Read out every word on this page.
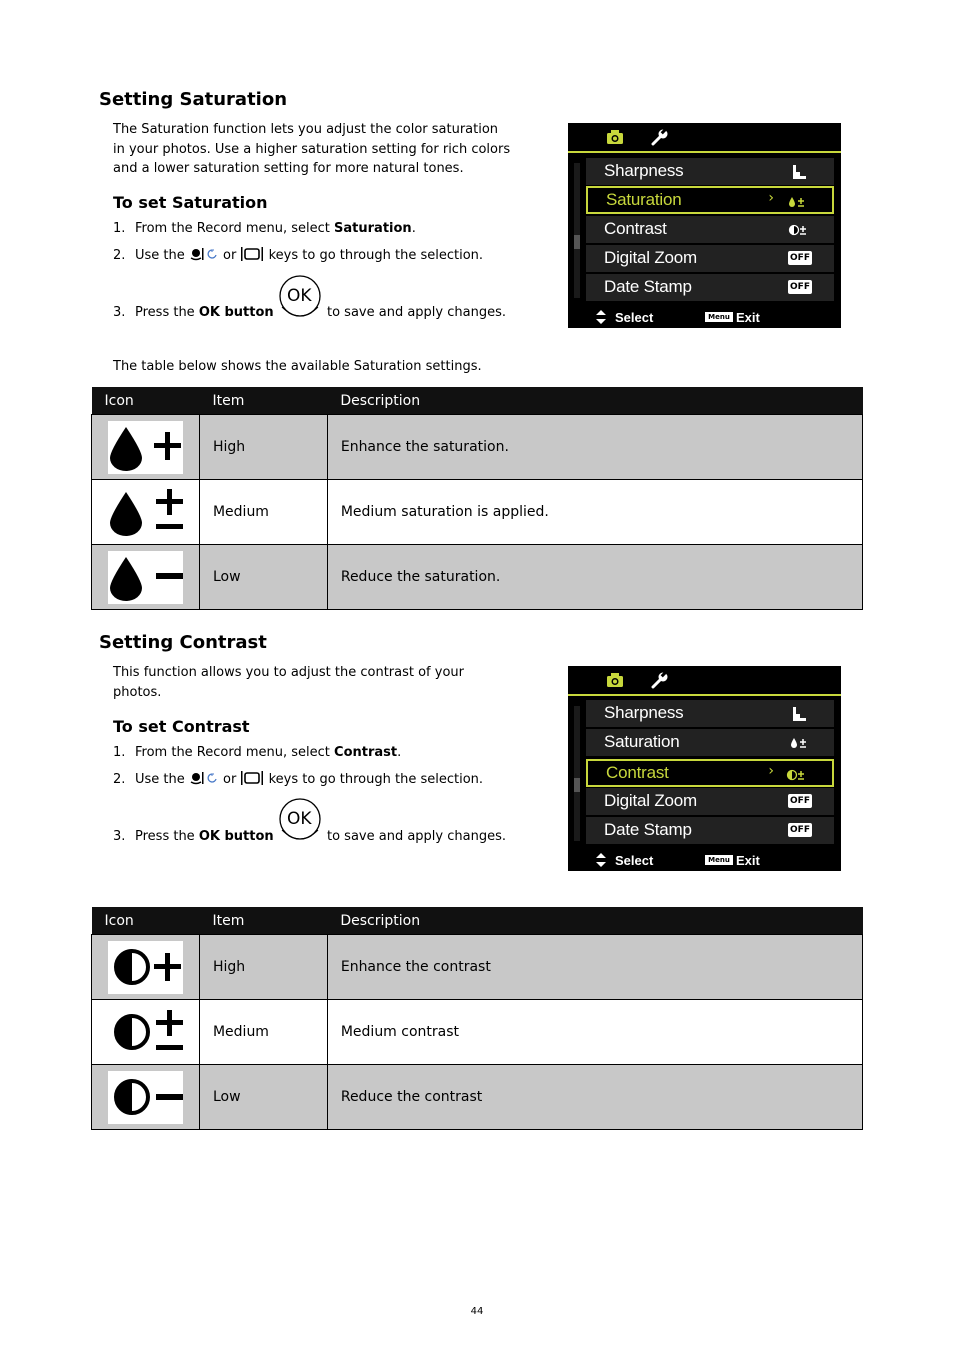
Setting Saturation
The Saturation function lets you adjust the color saturation in your photos. Use a higher saturation setting for rich colors and a lower saturation setting for more natural tones.
To set Saturation
1. From the Record menu, select Saturation.
2. Use the  or  keys to go through the selection.
3. Press the OK button
OK
to save and apply changes.
Sharpness
Saturation	›
Contrast
Digital Zoom	OFF
Date Stamp	OFF
Select	Menu Exit
The table below shows the available Saturation settings.
Icon	Item	Description

	High	Enhance the saturation.

	Medium	Medium saturation is applied.

	Low	Reduce the saturation.
Setting Contrast
This function allows you to adjust the contrast of your photos.
To set Contrast
1. From the Record menu, select Contrast.
2. Use the  or  keys to go through the selection.
3. Press the OK button
OK
to save and apply changes.
Sharpness
Saturation
Contrast	›
Digital Zoom	OFF
Date Stamp	OFF
Select	Menu Exit
Icon	Item	Description

	High	Enhance the contrast

	Medium	Medium contrast

	Low	Reduce the contrast
44
